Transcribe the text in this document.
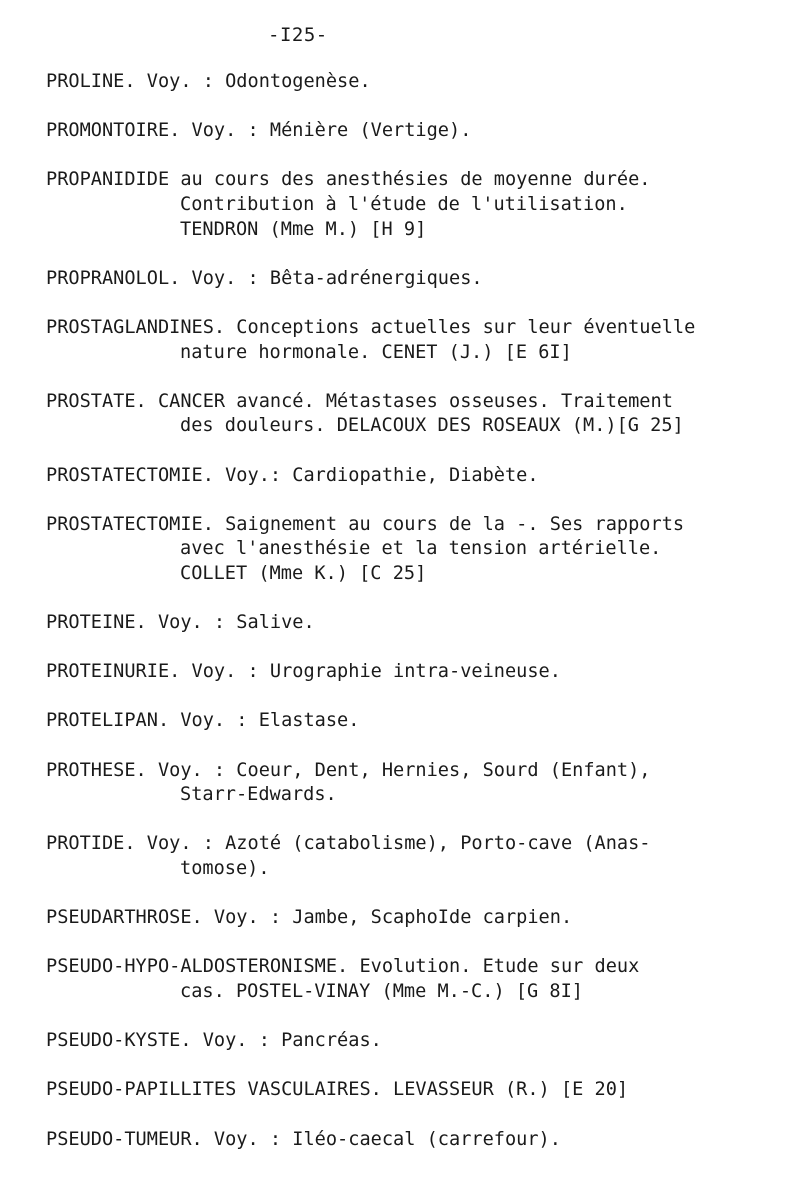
-I25-
PROLINE. Voy. : Odontogenèse.
PROMONTOIRE. Voy. : Ménière (Vertige).
PROPANIDIDE au cours des anesthésies de moyenne durée.
Contribution à l'étude de l'utilisation.
TENDRON (Mme M.) [H 9]
PROPRANOLOL. Voy. : Bêta-adrénergiques.
PROSTAGLANDINES. Conceptions actuelles sur leur éventuelle
nature hormonale. CENET (J.) [E 6I]
PROSTATE. CANCER avancé. Métastases osseuses. Traitement
des douleurs. DELACOUX DES ROSEAUX (M.)[G 25]
PROSTATECTOMIE. Voy.: Cardiopathie, Diabète.
PROSTATECTOMIE. Saignement au cours de la -. Ses rapports
avec l'anesthésie et la tension artérielle.
COLLET (Mme K.) [C 25]
PROTEINE. Voy. : Salive.
PROTEINURIE. Voy. : Urographie intra-veineuse.
PROTELIPAN. Voy. : Elastase.
PROTHESE. Voy. : Coeur, Dent, Hernies, Sourd (Enfant),
Starr-Edwards.
PROTIDE. Voy. : Azoté (catabolisme), Porto-cave (Anas-
tomose).
PSEUDARTHROSE. Voy. : Jambe, ScaphoIde carpien.
PSEUDO-HYPO-ALDOSTERONISME. Evolution. Etude sur deux
cas. POSTEL-VINAY (Mme M.-C.) [G 8I]
PSEUDO-KYSTE. Voy. : Pancréas.
PSEUDO-PAPILLITES VASCULAIRES. LEVASSEUR (R.) [E 20]
PSEUDO-TUMEUR. Voy. : Iléo-caecal (carrefour).
